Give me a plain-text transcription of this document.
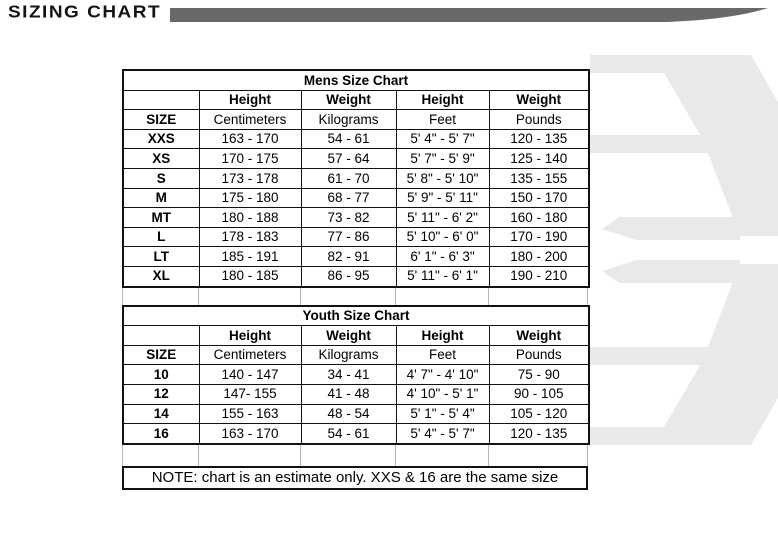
SIZING CHART
Mens Size Chart				
	Height	Weight	Height	Weight
SIZE	Centimeters	Kilograms	Feet	Pounds
XXS	163 - 170	54 - 61	5' 4" - 5' 7"	120 - 135
XS	170 - 175	57 - 64	5' 7" - 5' 9"	125 - 140
S	173 - 178	61 - 70	5' 8" - 5' 10"	135 - 155
M	175 - 180	68 - 77	5' 9" - 5' 11"	150 - 170
MT	180 - 188	73 - 82	5' 11" - 6' 2"	160 - 180
L	178 - 183	77 - 86	5' 10" - 6' 0"	170 - 190
LT	185 - 191	82 - 91	6' 1" - 6' 3"	180 - 200
XL	180 - 185	86 - 95	5' 11" - 6' 1"	190 - 210
Youth Size Chart				
	Height	Weight	Height	Weight
SIZE	Centimeters	Kilograms	Feet	Pounds
10	140 - 147	34 - 41	4' 7" - 4' 10"	75 - 90
12	147- 155	41 - 48	4' 10" - 5' 1"	90 - 105
14	155 - 163	48 - 54	5' 1" - 5' 4"	105 - 120
16	163 - 170	54 - 61	5' 4" - 5' 7"	120 - 135
NOTE: chart is an estimate only. XXS & 16 are the same size
